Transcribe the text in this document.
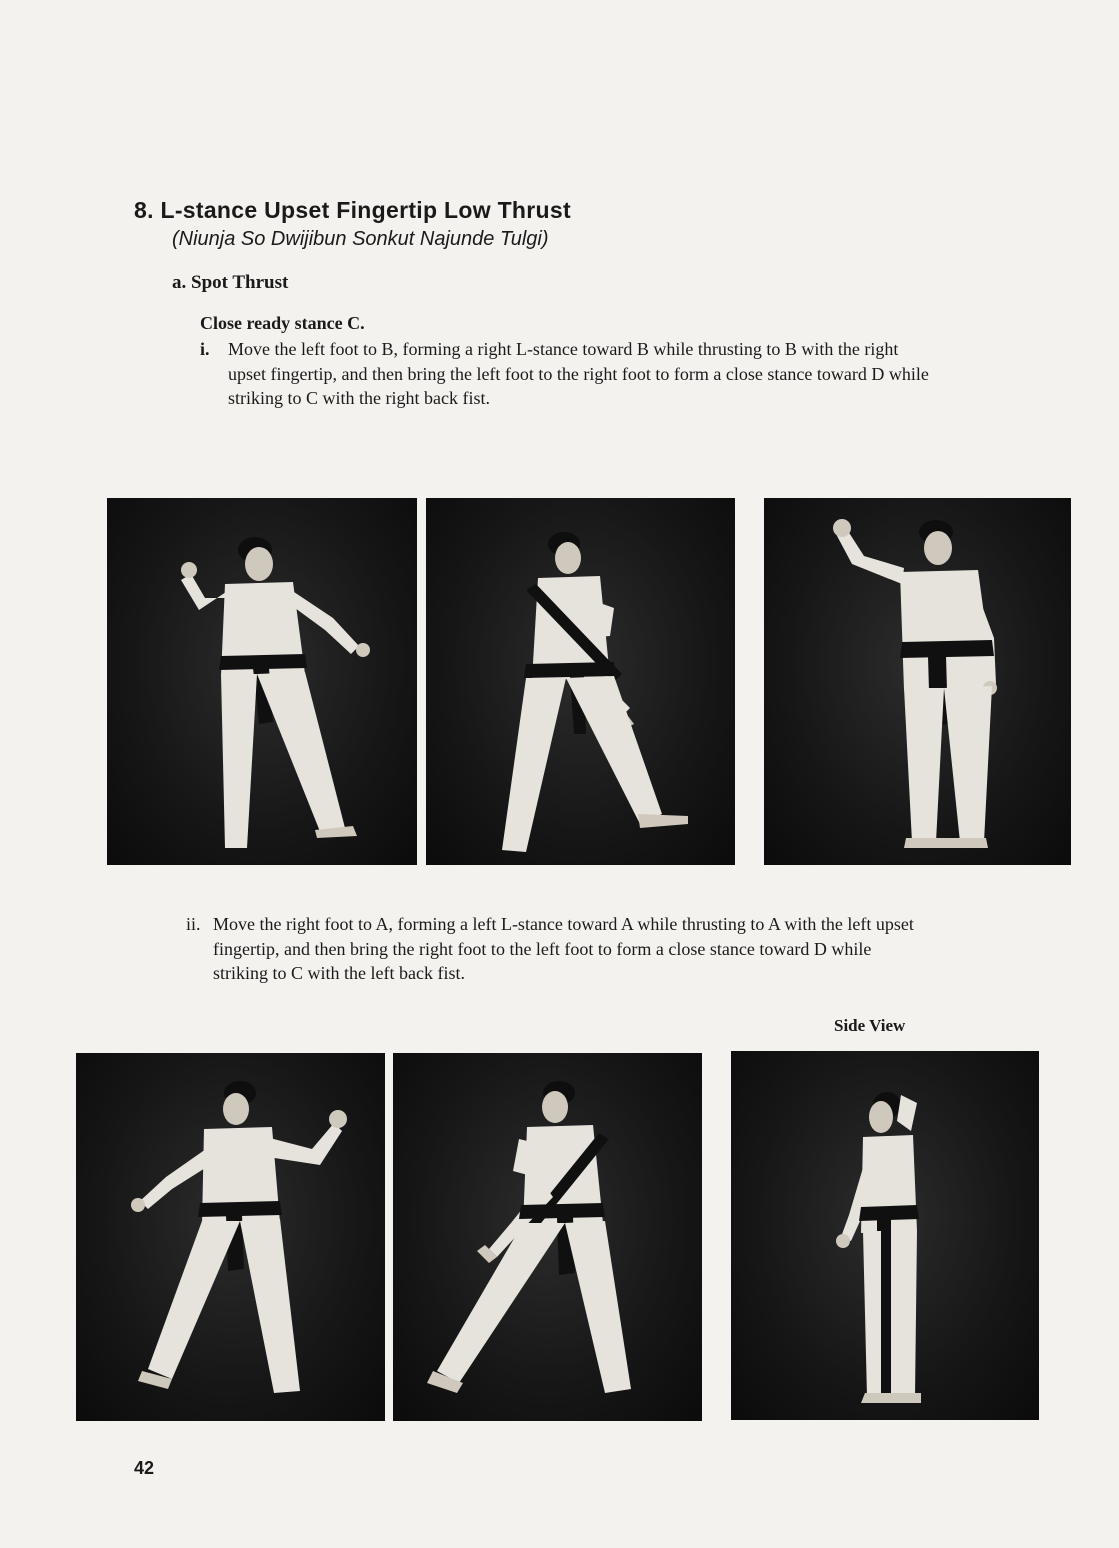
8. L-stance Upset Fingertip Low Thrust
(Niunja So Dwijibun Sonkut Najunde Tulgi)
a. Spot Thrust
Close ready stance C.
i.	Move the left foot to B, forming a right L-stance toward B while thrusting to B with the right upset fingertip, and then bring the left foot to the right foot to form a close stance toward D while striking to C with the right back fist.
ii. Move the right foot to A, forming a left L-stance toward A while thrusting to A with the left upset fingertip, and then bring the right foot to the left foot to form a close stance toward D while striking to C with the left back fist.
Side View
42
